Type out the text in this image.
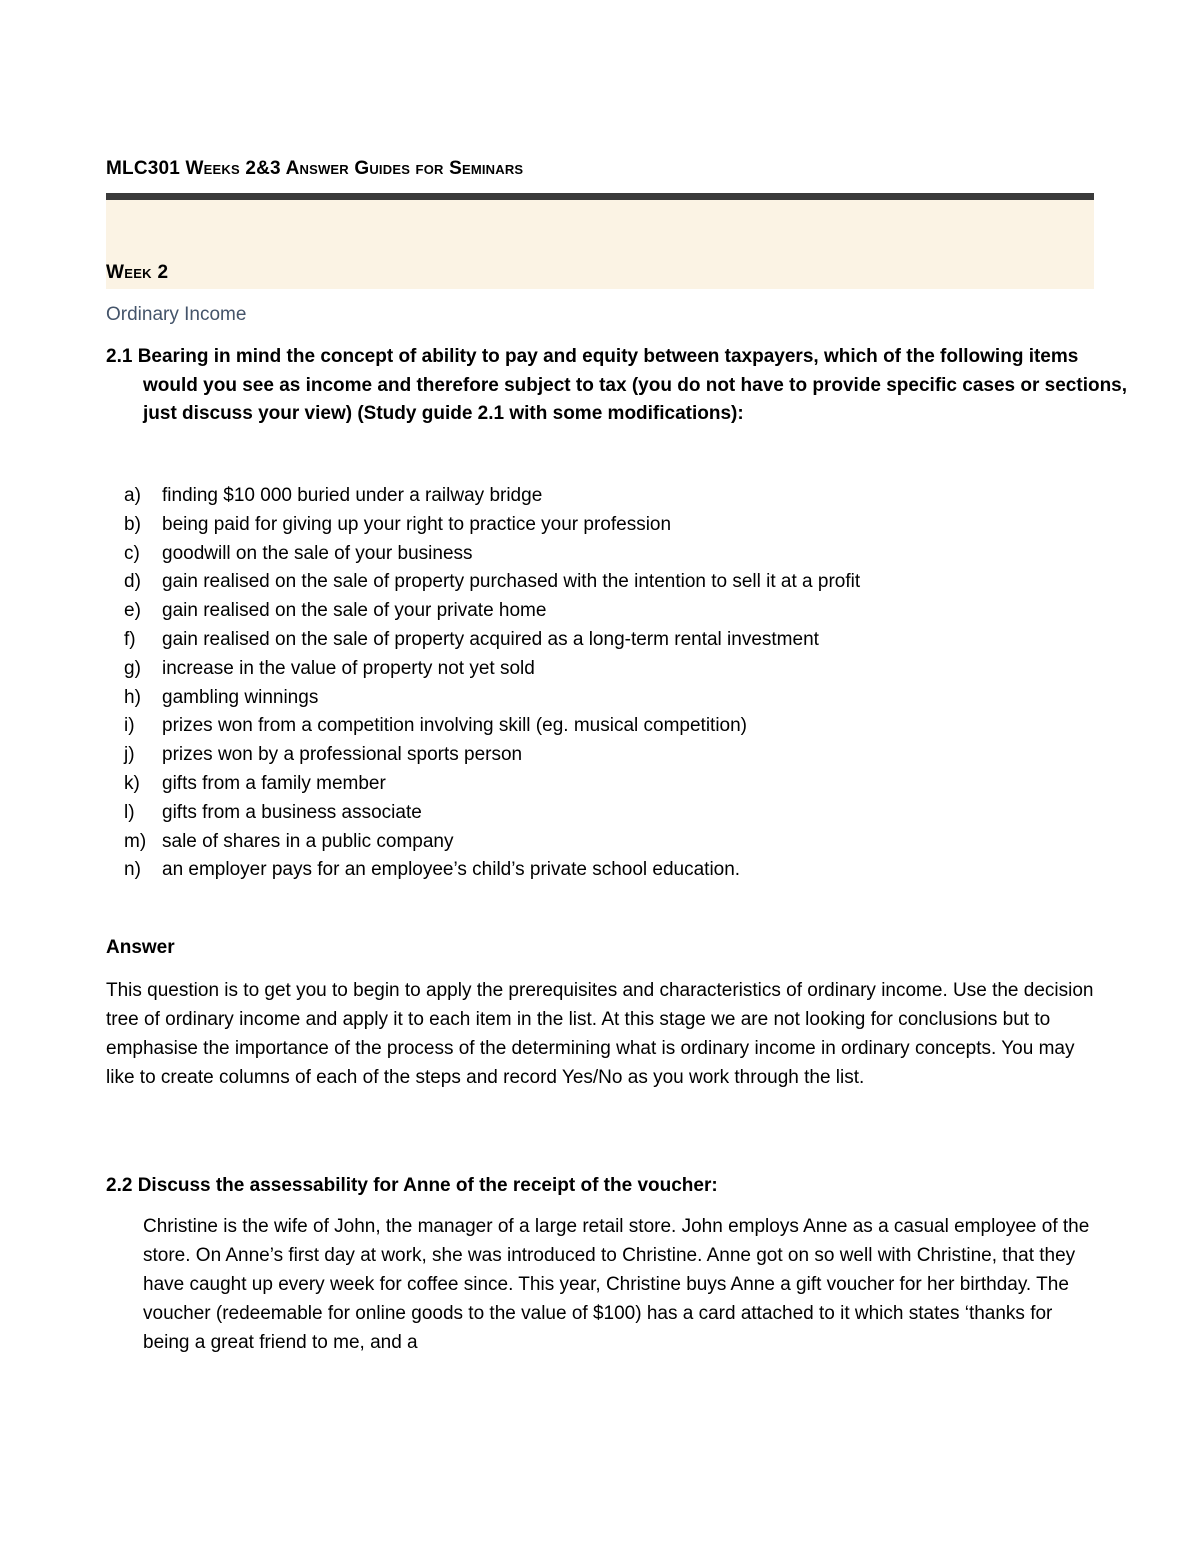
MLC301 Weeks 2&3 Answer Guides for Seminars
Week 2
Ordinary Income
2.1 Bearing in mind the concept of ability to pay and equity between taxpayers, which of the following items would you see as income and therefore subject to tax (you do not have to provide specific cases or sections, just discuss your view) (Study guide 2.1 with some modifications):
a) finding $10 000 buried under a railway bridge
b) being paid for giving up your right to practice your profession
c) goodwill on the sale of your business
d) gain realised on the sale of property purchased with the intention to sell it at a profit
e) gain realised on the sale of your private home
f) gain realised on the sale of property acquired as a long-term rental investment
g) increase in the value of property not yet sold
h) gambling winnings
i) prizes won from a competition involving skill (eg. musical competition)
j) prizes won by a professional sports person
k) gifts from a family member
l) gifts from a business associate
m) sale of shares in a public company
n) an employer pays for an employee’s child’s private school education.
Answer
This question is to get you to begin to apply the prerequisites and characteristics of ordinary income. Use the decision tree of ordinary income and apply it to each item in the list. At this stage we are not looking for conclusions but to emphasise the importance of the process of the determining what is ordinary income in ordinary concepts. You may like to create columns of each of the steps and record Yes/No as you work through the list.
2.2 Discuss the assessability for Anne of the receipt of the voucher:
Christine is the wife of John, the manager of a large retail store. John employs Anne as a casual employee of the store. On Anne’s first day at work, she was introduced to Christine. Anne got on so well with Christine, that they have caught up every week for coffee since. This year, Christine buys Anne a gift voucher for her birthday. The voucher (redeemable for online goods to the value of $100) has a card attached to it which states ‘thanks for being a great friend to me, and a
